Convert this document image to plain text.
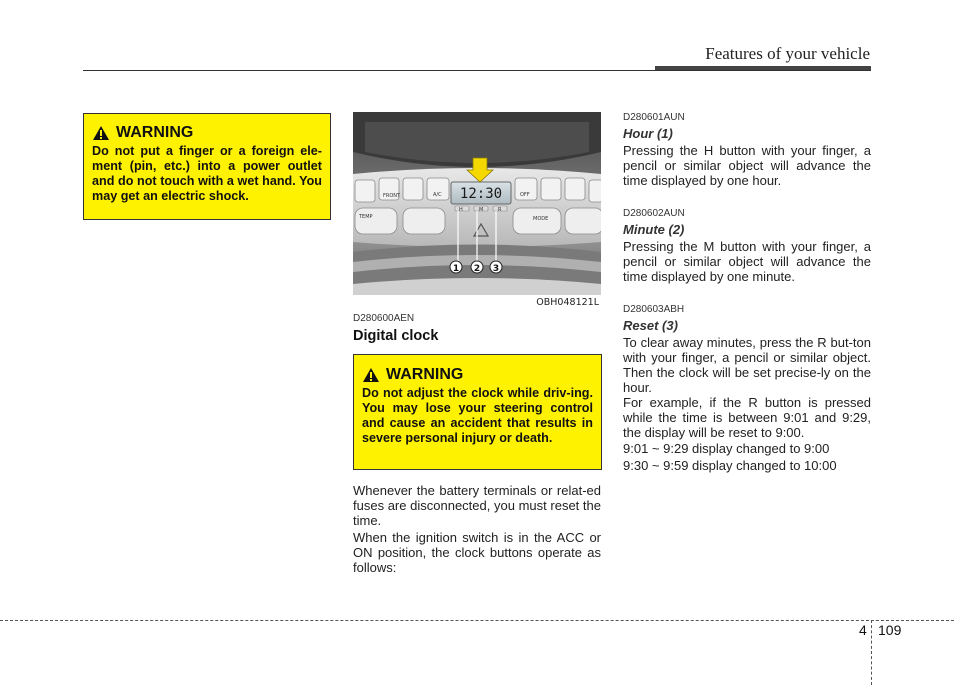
Features of your vehicle
WARNING
Do not put a finger or a foreign ele-ment (pin, etc.) into a power outlet and do not touch with a wet hand. You may get an electric shock.	12:30
A/C	OFF
FRONT
TEMP	MODE
H	M	R
1 2 3
OBH048121L
D280600AEN
Digital clock
WARNING
Do not adjust the clock while driv-ing. You may lose your steering control and cause an accident that results in severe personal injury or death.
Whenever the battery terminals or relat-ed fuses are disconnected, you must reset the time.
When the ignition switch is in the ACC or ON position, the clock buttons operate as follows:
D280601AUN
Hour (1)
Pressing the H button with your finger, a pencil or similar object will advance the time displayed by one hour.
D280602AUN
Minute (2)
Pressing the M button with your finger, a pencil or similar object will advance the time displayed by one minute.
D280603ABH
Reset (3)
To clear away minutes, press the R but-ton with your finger, a pencil or similar object. Then the clock will be set precise-ly on the hour.
For example, if the R button is pressed while the time is between 9:01 and 9:29, the display will be reset to 9:00.
9:01 ~ 9:29 display changed to 9:00
9:30 ~ 9:59 display changed to 10:00
4 109
